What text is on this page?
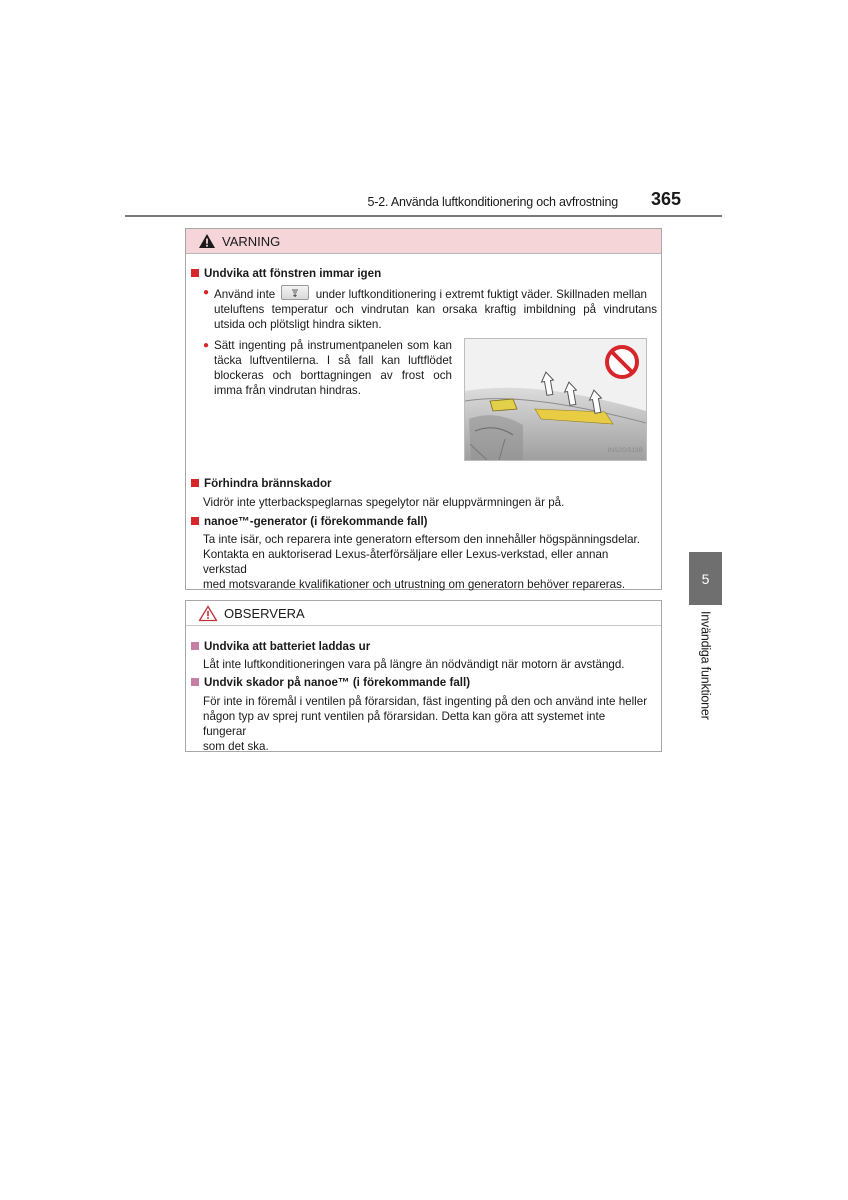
5-2. Använda luftkonditionering och avfrostning 365
5
Invändiga funktioner
VARNING
Undvika att fönstren immar igen
● Använd inte	under luftkonditionering i extremt fuktigt väder. Skillnaden mellan
uteluftens temperatur och vindrutan kan orsaka kraftig imbildning på vindrutans
utsida och plötsligt hindra sikten.
● Sätt ingenting på instrumentpanelen som kan
täcka luftventilerna. I så fall kan luftflödet
blockeras och borttagningen av frost och
imma från vindrutan hindras.
INS2GS18B
Förhindra brännskador
Vidrör inte ytterbackspeglarnas spegelytor när eluppvärmningen är på.
nanoe™-generator (i förekommande fall)
Ta inte isär, och reparera inte generatorn eftersom den innehåller högspänningsdelar.
Kontakta en auktoriserad Lexus-återförsäljare eller Lexus-verkstad, eller annan verkstad
med motsvarande kvalifikationer och utrustning om generatorn behöver repareras.
OBSERVERA
Undvika att batteriet laddas ur
Låt inte luftkonditioneringen vara på längre än nödvändigt när motorn är avstängd.
Undvik skador på nanoe™ (i förekommande fall)
För inte in föremål i ventilen på förarsidan, fäst ingenting på den och använd inte heller
någon typ av sprej runt ventilen på förarsidan. Detta kan göra att systemet inte fungerar
som det ska.
